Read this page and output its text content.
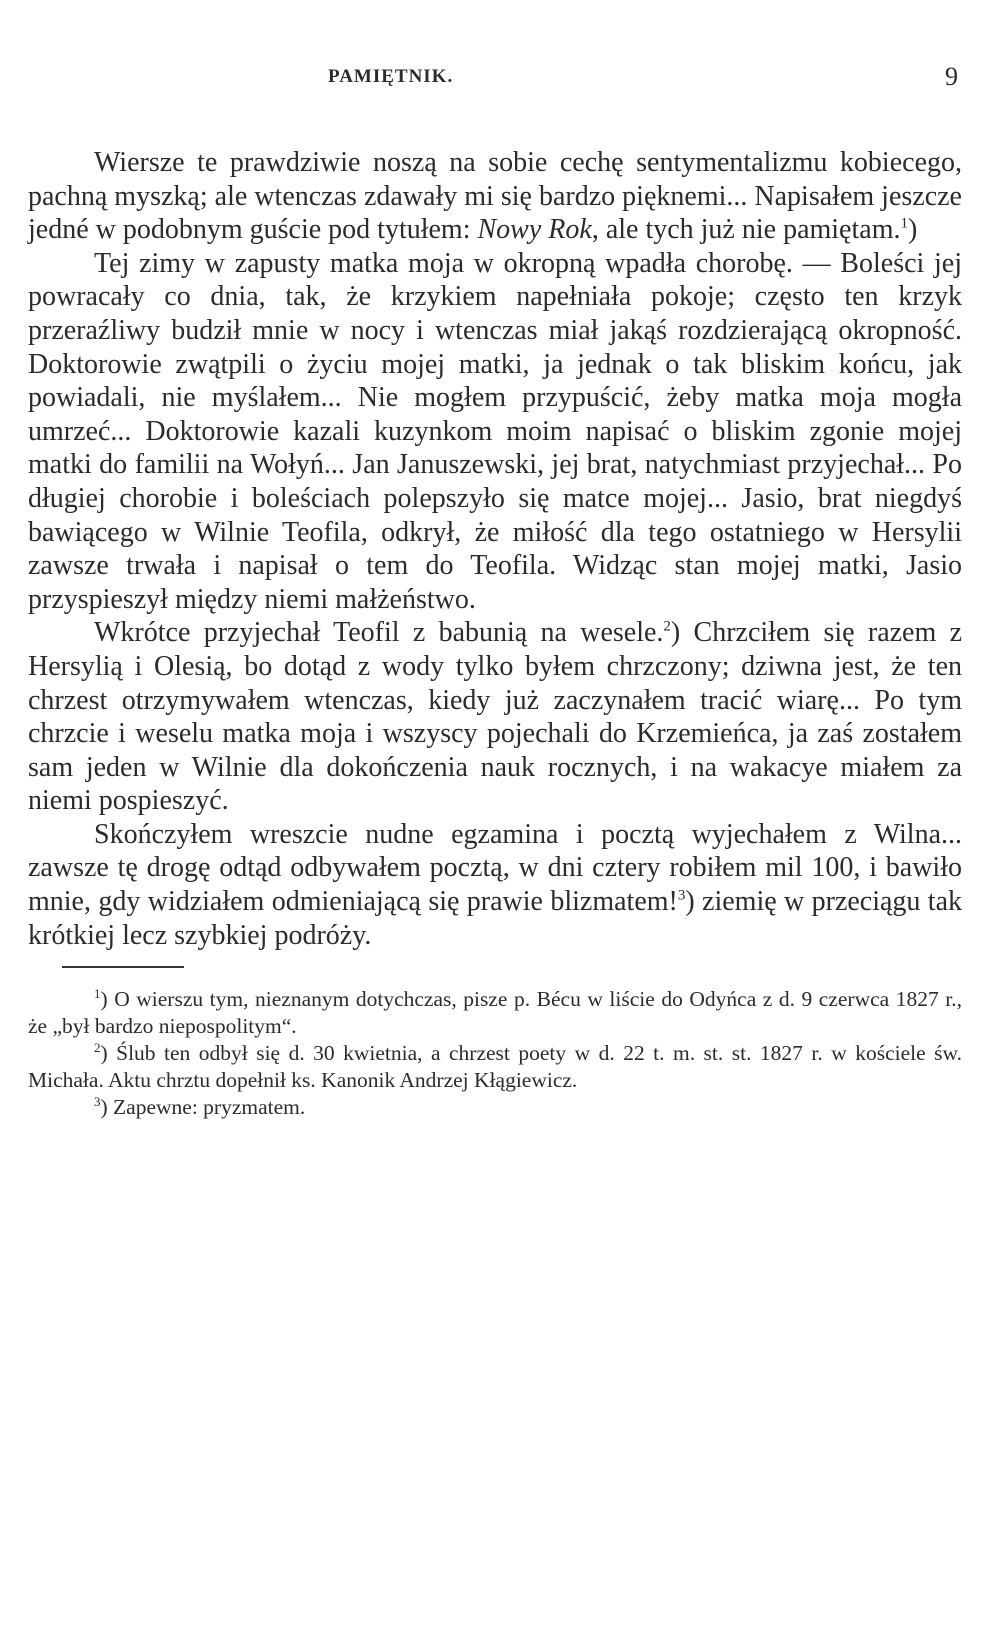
PAMIĘTNIK.	9

Wiersze te prawdziwie noszą na sobie cechę sentymentalizmu kobiecego, pachną myszką; ale wtenczas zdawały mi się bardzo pięknemi... Napisałem jeszcze jedné w podobnym guście pod tytułem: Nowy Rok, ale tych już nie pamiętam.$^1$)

Tej zimy w zapusty matka moja w okropną wpadła chorobę. — Boleści jej powracały co dnia, tak, że krzykiem napełniała pokoje; często ten krzyk przeraźliwy budził mnie w nocy i wtenczas miał jakąś rozdzierającą okropność. Doktorowie zwątpili o życiu mojej matki, ja jednak o tak bliskim końcu, jak powiadali, nie myślałem... Nie mogłem przypuścić, żeby matka moja mogła umrzeć... Doktorowie kazali kuzynkom moim napisać o bliskim zgonie mojej matki do familii na Wołyń... Jan Januszewski, jej brat, natychmiast przyjechał... Po długiej chorobie i boleściach polepszyło się matce mojej... Jasio, brat niegdyś bawiącego w Wilnie Teofila, odkrył, że miłość dla tego ostatniego w Hersylii zawsze trwała i napisał o tem do Teofila. Widząc stan mojej matki, Jasio przyspieszył między niemi małżeństwo.

Wkrótce przyjechał Teofil z babunią na wesele.$^2$) Chrzciłem się razem z Hersylią i Olesią, bo dotąd z wody tylko byłem chrzczony; dziwna jest, że ten chrzest otrzymywałem wtenczas, kiedy już zaczynałem tracić wiarę... Po tym chrzcie i weselu matka moja i wszyscy pojechali do Krzemieńca, ja zaś zostałem sam jeden w Wilnie dla dokończenia nauk rocznych, i na wakacye miałem za niemi pospieszyć.

Skończyłem wreszcie nudne egzamina i pocztą wyjechałem z Wilna... zawsze tę drogę odtąd odbywałem pocztą, w dni cztery robiłem mil 100, i bawiło mnie, gdy widziałem odmieniającą się prawie blizmatem!$^3$) ziemię w przeciągu tak krótkiej lecz szybkiej podróży.

$^1$) O wierszu tym, nieznanym dotychczas, pisze p. Bécu w liście do Odyńca z d. 9 czerwca 1827 r., że „był bardzo niepospolitym“.

$^2$) Ślub ten odbył się d. 30 kwietnia, a chrzest poety w d. 22 t. m. st. st. 1827 r. w kościele św. Michała. Aktu chrztu dopełnił ks. Kanonik Andrzej Kłągiewicz.

$^3$) Zapewne: pryzmatem.
